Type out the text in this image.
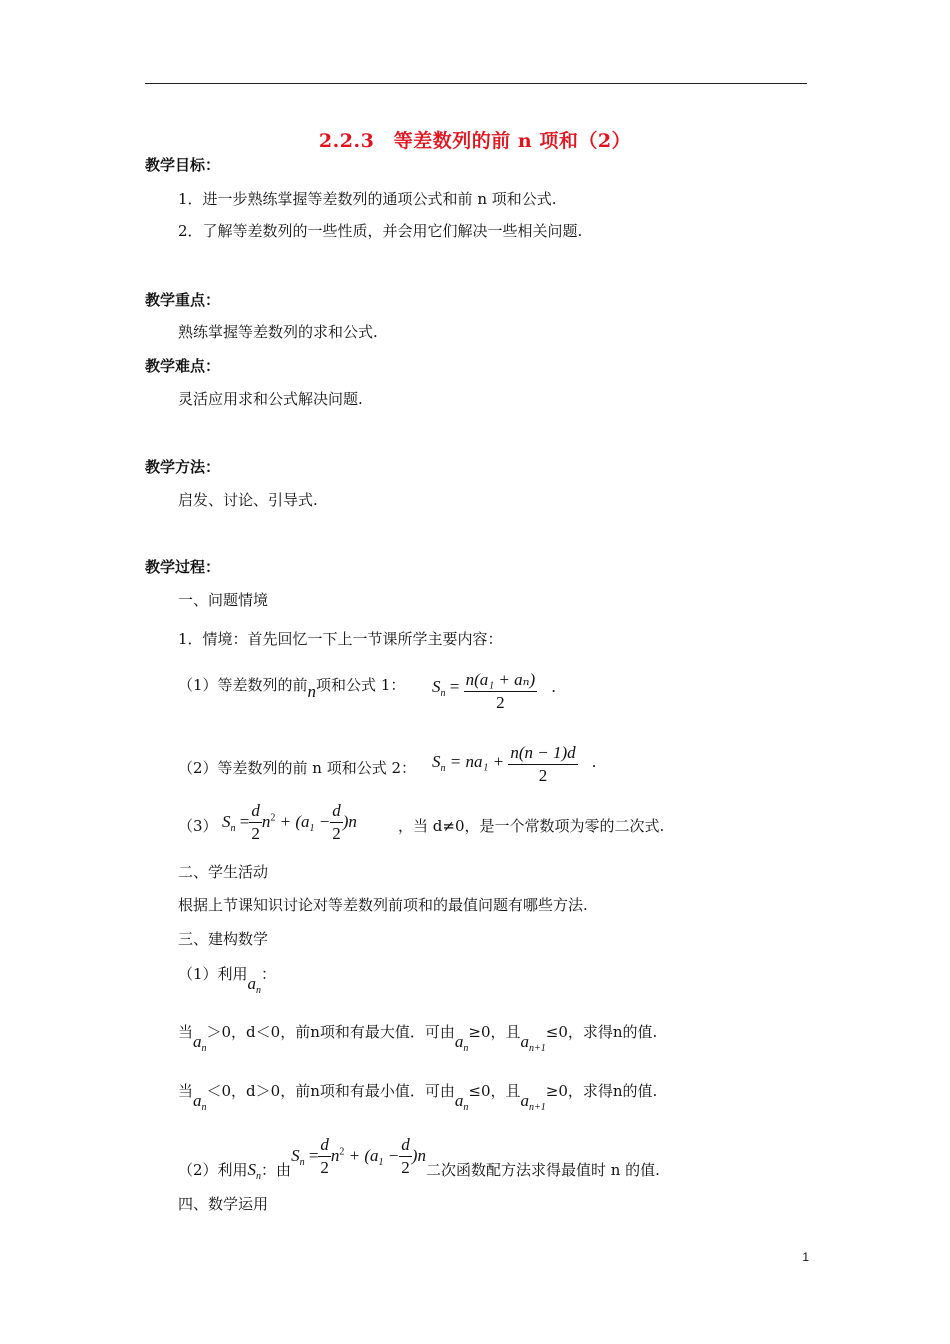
2.2.3　等差数列的前 n 项和（2）
教学目标：
1．进一步熟练掌握等差数列的通项公式和前 n 项和公式.
2．了解等差数列的一些性质，并会用它们解决一些相关问题.
教学重点：
熟练掌握等差数列的求和公式.
教学难点：
灵活应用求和公式解决问题.
教学方法：
启发、讨论、引导式.
教学过程：
一、问题情境
1．情境：首先回忆一下上一节课所学主要内容：
（1）等差数列的前n项和公式 1： $S_n = \frac{\text{n(a₁ + aₙ)}}{2}$ .
（2）等差数列的前 n 项和公式 2： $S_n = na_1 + \frac{n(n - 1)d}{2}$ .
（3） $S_n = \frac{d}{2} n^2 + (a_1 - \frac{d}{2} )n$	，当 d≠0，是一个常数项为零的二次式.
二、学生活动
根据上节课知识讨论对等差数列前项和的最值问题有哪些方法.
三、建构数学
（1）利用$a_n$：
当$a_n>0$，d＜0，前n项和有最大值．可由$a_n\ge 0$，且$a_{n+1}\le 0$，求得n的值.
当$a_n<0$，d＞0，前n项和有最小值．可由$a_n\le 0$，且$a_{n+1}\ge 0$，求得n的值.
（2）利用$S_n$：由$S_n = \frac{d}{2} n^2 + (a_1 - \frac{d}{2} )n$二次函数配方法求得最值时 n 的值.
四、数学运用
1
